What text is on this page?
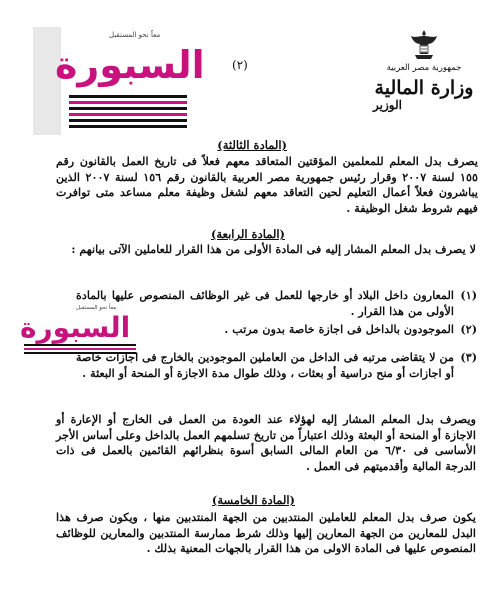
جمهورية مصر العربية
وزارة المالية
الوزير
(٢)
معاً نحو المستقبل
السبورة
معاً نحو المستقبل
السبورة
(المادة الثالثة)
يصرف بدل المعلم للمعلمين المؤقتين المتعاقد معهم فعلاً فى تاريخ العمل بالقانون رقم ١٥٥ لسنة ٢٠٠٧ وقرار رئيس جمهورية مصر العربية بالقانون رقم ١٥٦ لسنة ٢٠٠٧ الذين يباشرون فعلاً أعمال التعليم لحين التعاقد معهم لشغل وظيفة معلم مساعد متى توافرت فيهم شروط شغل الوظيفة .
(المادة الرابعة)
لا يصرف بدل المعلم المشار إليه فى المادة الأولى من هذا القرار للعاملين الآتى بيانهم :
(١)
المعارون داخل البلاد أو خارجها للعمل فى غير الوظائف المنصوص عليها بالمادة الأولى من هذا القرار .
(٢)
الموجودون بالداخل فى اجازة خاصة بدون مرتب .
(٣)
من لا يتقاضى مرتبه فى الداخل من العاملين الموجودين بالخارج فى اجازات خاصة أو اجازات أو منح دراسية أو بعثات ، وذلك طوال مدة الاجازة أو المنحة أو البعثة .
ويصرف بدل المعلم المشار إليه لهؤلاء عند العودة من العمل فى الخارج أو الإعارة أو الاجازة أو المنحة أو البعثة وذلك اعتباراً من تاريخ تسلمهم العمل بالداخل وعلى أساس الأجر الأساسى فى ٦/٣٠ من العام المالى السابق أسوة بنظرائهم القائمين بالعمل فى ذات الدرجة المالية وأقدميتهم فى العمل .
(المادة الخامسة)
يكون صرف بدل المعلم للعاملين المنتدبين من الجهة المنتدبين منها ، ويكون صرف هذا البدل للمعارين من الجهة المعارين إليها وذلك شرط ممارسة المنتدبين والمعارين للوظائف المنصوص عليها فى المادة الاولى من هذا القرار بالجهات المعنية بذلك .
